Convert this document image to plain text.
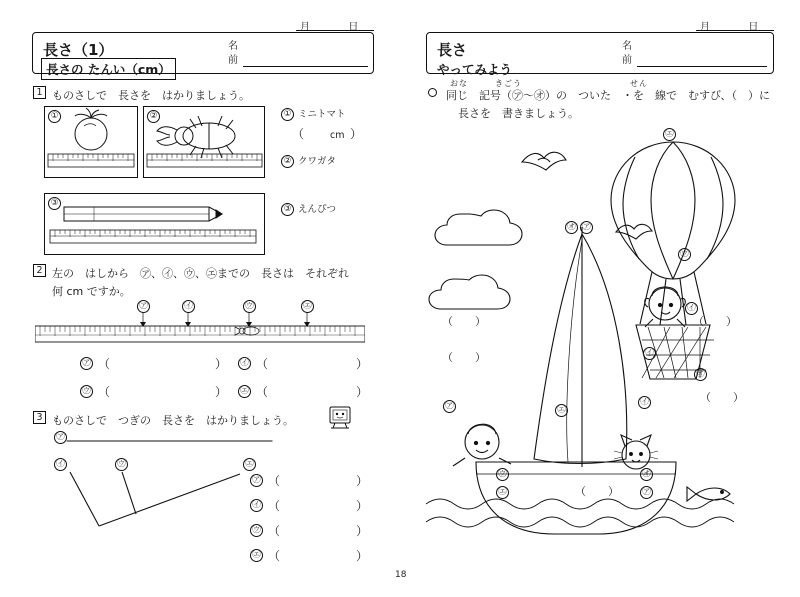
月	日
長さ（1）
長さの たんい（cm）
名
前
1 ものさしで　長さを　はかりましょう。
①	②
③
① ミニトマト
（	cm ）
② クワガタ
③ えんぴつ
2 左の　はしから　㋐、㋑、㋒、㋓までの　長さは　それぞれ
何 cm ですか。
㋐	㋑	㋒	㋓
㋐ （	） ㋑ （	）
㋒ （	） ㋓ （	）
3 ものさしで　つぎの　長さを　はかりましょう。
㋐
㋑	㋒	㋓
㋐ （	）
㋑ （	）
㋒ （	）
㋓ （	）
月	日
長さ
やってみよう
名
前
おな　　　きごう　　　　　　　　　　　　せん
同じ　記号（㋐〜㋔）の　ついた　・を　線で　むすび、（　）に
長さを　書きましょう。
㋓
㋔ ㋐
㋒
㋑
㋔
㋑
㋐	㋑
㋒
㋓
㋔
㋐
㋓
（　　）
（　　）
（　　）
（　　）
（　　）
18
